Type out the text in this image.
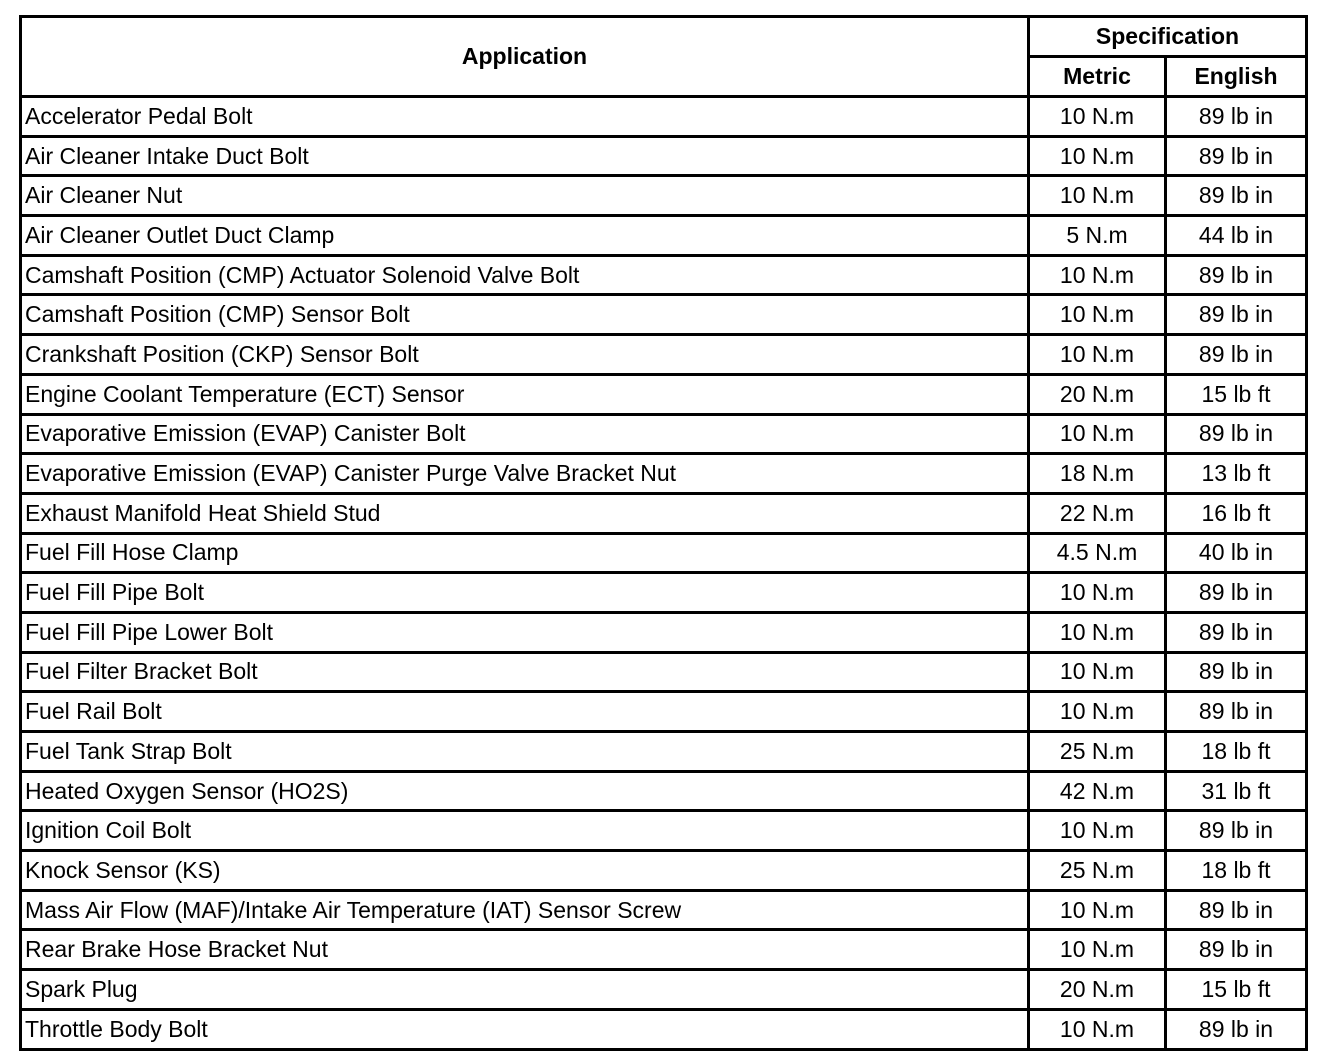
Application	Specification	
	Metric	English
Accelerator Pedal Bolt	10 N.m	89 lb in
Air Cleaner Intake Duct Bolt	10 N.m	89 lb in
Air Cleaner Nut	10 N.m	89 lb in
Air Cleaner Outlet Duct Clamp	5 N.m	44 lb in
Camshaft Position (CMP) Actuator Solenoid Valve Bolt	10 N.m	89 lb in
Camshaft Position (CMP) Sensor Bolt	10 N.m	89 lb in
Crankshaft Position (CKP) Sensor Bolt	10 N.m	89 lb in
Engine Coolant Temperature (ECT) Sensor	20 N.m	15 lb ft
Evaporative Emission (EVAP) Canister Bolt	10 N.m	89 lb in
Evaporative Emission (EVAP) Canister Purge Valve Bracket Nut	18 N.m	13 lb ft
Exhaust Manifold Heat Shield Stud	22 N.m	16 lb ft
Fuel Fill Hose Clamp	4.5 N.m	40 lb in
Fuel Fill Pipe Bolt	10 N.m	89 lb in
Fuel Fill Pipe Lower Bolt	10 N.m	89 lb in
Fuel Filter Bracket Bolt	10 N.m	89 lb in
Fuel Rail Bolt	10 N.m	89 lb in
Fuel Tank Strap Bolt	25 N.m	18 lb ft
Heated Oxygen Sensor (HO2S)	42 N.m	31 lb ft
Ignition Coil Bolt	10 N.m	89 lb in
Knock Sensor (KS)	25 N.m	18 lb ft
Mass Air Flow (MAF)/Intake Air Temperature (IAT) Sensor Screw	10 N.m	89 lb in
Rear Brake Hose Bracket Nut	10 N.m	89 lb in
Spark Plug	20 N.m	15 lb ft
Throttle Body Bolt	10 N.m	89 lb in
